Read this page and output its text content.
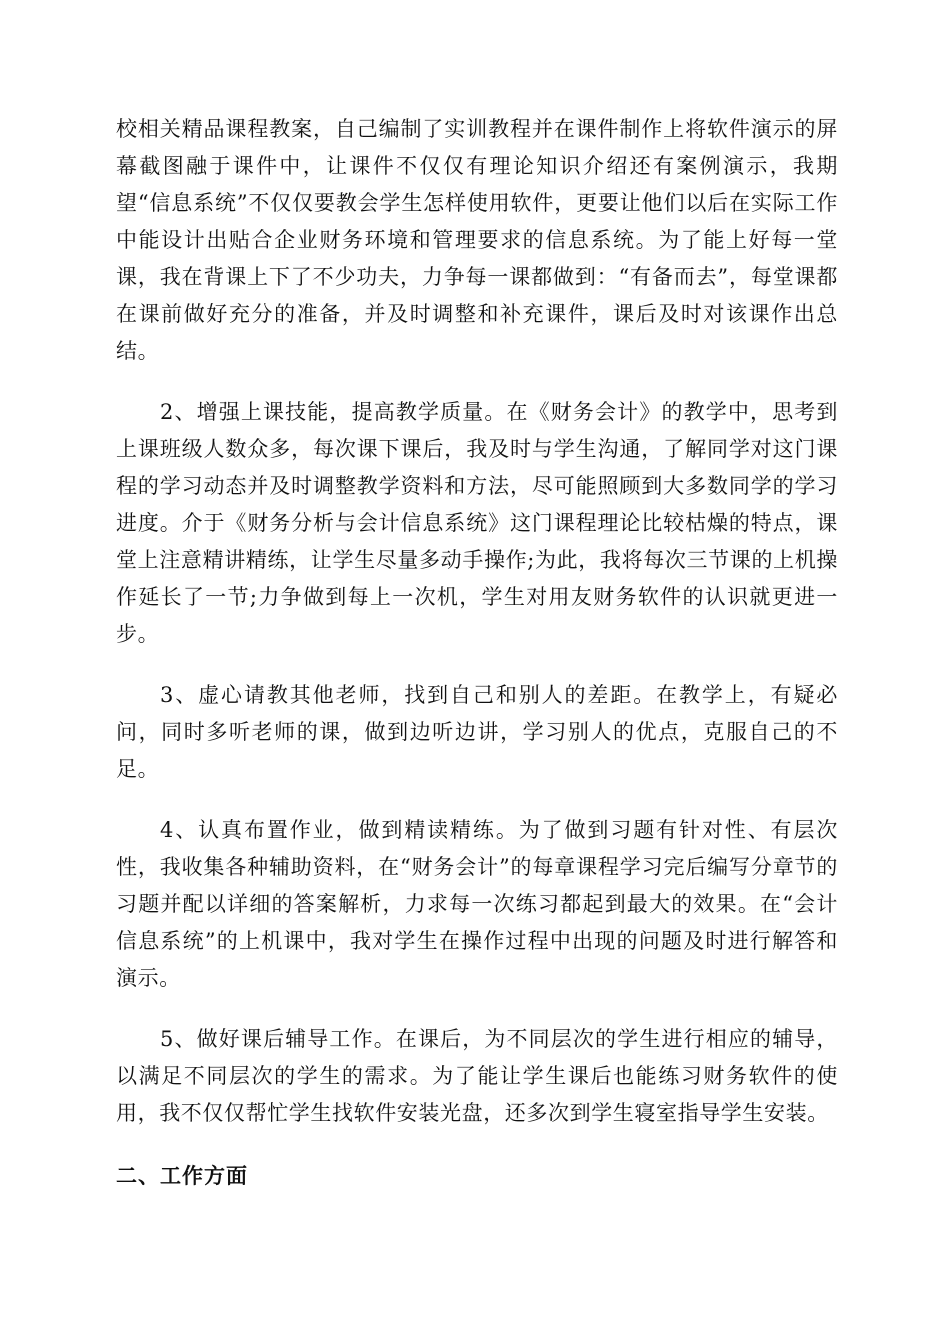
校相关精品课程教案，自己编制了实训教程并在课件制作上将软件演示的屏幕截图融于课件中，让课件不仅仅有理论知识介绍还有案例演示，我期望“信息系统”不仅仅要教会学生怎样使用软件，更要让他们以后在实际工作中能设计出贴合企业财务环境和管理要求的信息系统。为了能上好每一堂课，我在背课上下了不少功夫，力争每一课都做到：“有备而去”，每堂课都在课前做好充分的准备，并及时调整和补充课件，课后及时对该课作出总结。

2、增强上课技能，提高教学质量。在《财务会计》的教学中，思考到上课班级人数众多，每次课下课后，我及时与学生沟通，了解同学对这门课程的学习动态并及时调整教学资料和方法，尽可能照顾到大多数同学的学习进度。介于《财务分析与会计信息系统》这门课程理论比较枯燥的特点，课堂上注意精讲精练，让学生尽量多动手操作;为此，我将每次三节课的上机操作延长了一节;力争做到每上一次机，学生对用友财务软件的认识就更进一步。

3、虚心请教其他老师，找到自己和别人的差距。在教学上，有疑必问，同时多听老师的课，做到边听边讲，学习别人的优点，克服自己的不足。

4、认真布置作业，做到精读精练。为了做到习题有针对性、有层次性，我收集各种辅助资料，在“财务会计”的每章课程学习完后编写分章节的习题并配以详细的答案解析，力求每一次练习都起到最大的效果。在“会计信息系统”的上机课中，我对学生在操作过程中出现的问题及时进行解答和演示。

5、做好课后辅导工作。在课后，为不同层次的学生进行相应的辅导，以满足不同层次的学生的需求。为了能让学生课后也能练习财务软件的使用，我不仅仅帮忙学生找软件安装光盘，还多次到学生寝室指导学生安装。

二、工作方面
